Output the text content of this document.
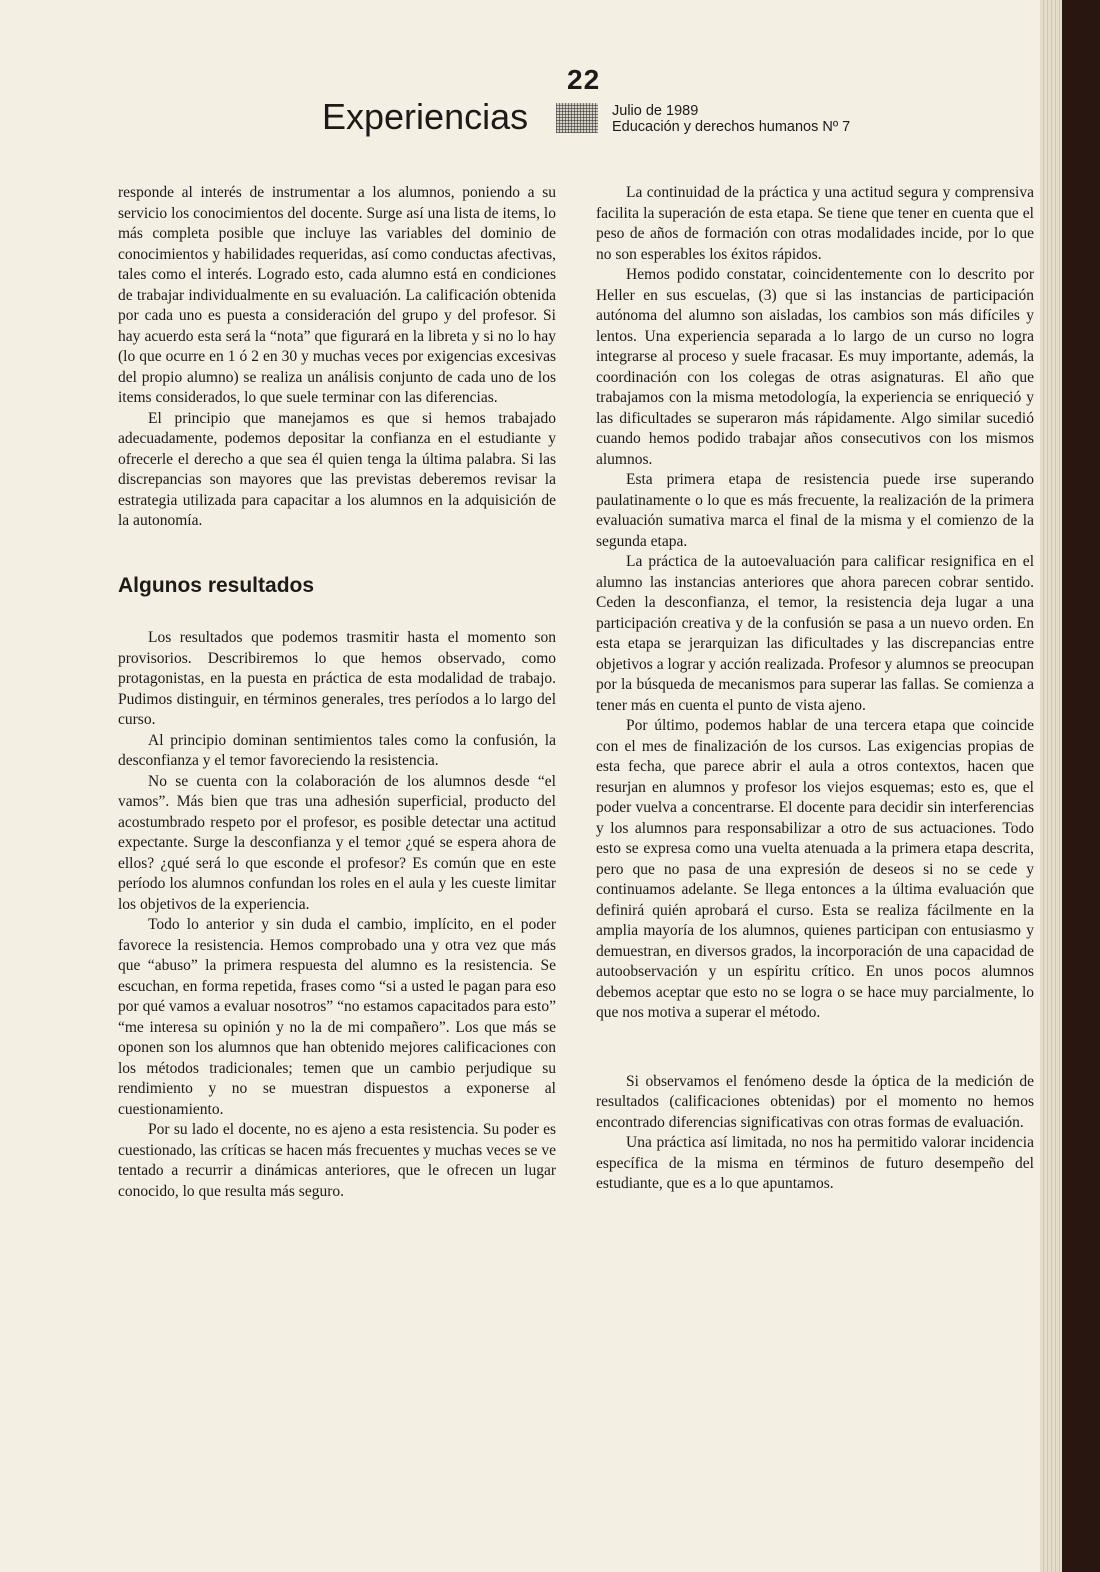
22
Experiencias	Julio de 1989
Educación y derechos humanos Nº 7

responde al interés de instrumentar a los alumnos, poniendo a su servicio los conocimientos del docente. Surge así una lista de items, lo más completa posible que incluye las variables del dominio de conocimientos y habilidades requeridas, así como conductas afectivas, tales como el interés. Logrado esto, cada alumno está en condiciones de trabajar individualmente en su evaluación. La calificación obtenida por cada uno es puesta a consideración del grupo y del profesor. Si hay acuerdo esta será la “nota” que figurará en la libreta y si no lo hay (lo que ocurre en 1 ó 2 en 30 y muchas veces por exigencias excesivas del propio alumno) se realiza un análisis conjunto de cada uno de los items considerados, lo que suele terminar con las diferencias.

El principio que manejamos es que si hemos trabajado adecuadamente, podemos depositar la confianza en el estudiante y ofrecerle el derecho a que sea él quien tenga la última palabra. Si las discrepancias son mayores que las previstas deberemos revisar la estrategia utilizada para capacitar a los alumnos en la adquisición de la autonomía.

Algunos resultados

Los resultados que podemos trasmitir hasta el momento son provisorios. Describiremos lo que hemos observado, como protagonistas, en la puesta en práctica de esta modalidad de trabajo. Pudimos distinguir, en términos generales, tres períodos a lo largo del curso.

Al principio dominan sentimientos tales como la confusión, la desconfianza y el temor favoreciendo la resistencia.

No se cuenta con la colaboración de los alumnos desde “el vamos”. Más bien que tras una adhesión superficial, producto del acostumbrado respeto por el profesor, es posible detectar una actitud expectante. Surge la desconfianza y el temor ¿qué se espera ahora de ellos? ¿qué será lo que esconde el profesor? Es común que en este período los alumnos confundan los roles en el aula y les cueste limitar los objetivos de la experiencia.

Todo lo anterior y sin duda el cambio, implícito, en el poder favorece la resistencia. Hemos comprobado una y otra vez que más que “abuso” la primera respuesta del alumno es la resistencia. Se escuchan, en forma repetida, frases como “si a usted le pagan para eso por qué vamos a evaluar nosotros” “no estamos capacitados para esto” “me interesa su opinión y no la de mi compañero”. Los que más se oponen son los alumnos que han obtenido mejores calificaciones con los métodos tradicionales; temen que un cambio perjudique su rendimiento y no se muestran dispuestos a exponerse al cuestionamiento.

Por su lado el docente, no es ajeno a esta resistencia. Su poder es cuestionado, las críticas se hacen más frecuentes y muchas veces se ve tentado a recurrir a dinámicas anteriores, que le ofrecen un lugar conocido, lo que resulta más seguro.

La continuidad de la práctica y una actitud segura y comprensiva facilita la superación de esta etapa. Se tiene que tener en cuenta que el peso de años de formación con otras modalidades incide, por lo que no son esperables los éxitos rápidos.

Hemos podido constatar, coincidentemente con lo descrito por Heller en sus escuelas, (3) que si las instancias de participación autónoma del alumno son aisladas, los cambios son más difíciles y lentos. Una experiencia separada a lo largo de un curso no logra integrarse al proceso y suele fracasar. Es muy importante, además, la coordinación con los colegas de otras asignaturas. El año que trabajamos con la misma metodología, la experiencia se enriqueció y las dificultades se superaron más rápidamente. Algo similar sucedió cuando hemos podido trabajar años consecutivos con los mismos alumnos.

Esta primera etapa de resistencia puede irse superando paulatinamente o lo que es más frecuente, la realización de la primera evaluación sumativa marca el final de la misma y el comienzo de la segunda etapa.

La práctica de la autoevaluación para calificar resignifica en el alumno las instancias anteriores que ahora parecen cobrar sentido. Ceden la desconfianza, el temor, la resistencia deja lugar a una participación creativa y de la confusión se pasa a un nuevo orden. En esta etapa se jerarquizan las dificultades y las discrepancias entre objetivos a lograr y acción realizada. Profesor y alumnos se preocupan por la búsqueda de mecanismos para superar las fallas. Se comienza a tener más en cuenta el punto de vista ajeno.

Por último, podemos hablar de una tercera etapa que coincide con el mes de finalización de los cursos. Las exigencias propias de esta fecha, que parece abrir el aula a otros contextos, hacen que resurjan en alumnos y profesor los viejos esquemas; esto es, que el poder vuelva a concentrarse. El docente para decidir sin interferencias y los alumnos para responsabilizar a otro de sus actuaciones. Todo esto se expresa como una vuelta atenuada a la primera etapa descrita, pero que no pasa de una expresión de deseos si no se cede y continuamos adelante. Se llega entonces a la última evaluación que definirá quién aprobará el curso. Esta se realiza fácilmente en la amplia mayoría de los alumnos, quienes participan con entusiasmo y demuestran, en diversos grados, la incorporación de una capacidad de autoobservación y un espíritu crítico. En unos pocos alumnos debemos aceptar que esto no se logra o se hace muy parcialmente, lo que nos motiva a superar el método.

Si observamos el fenómeno desde la óptica de la medición de resultados (calificaciones obtenidas) por el momento no hemos encontrado diferencias significativas con otras formas de evaluación.

Una práctica así limitada, no nos ha permitido valorar incidencia específica de la misma en términos de futuro desempeño del estudiante, que es a lo que apuntamos.
